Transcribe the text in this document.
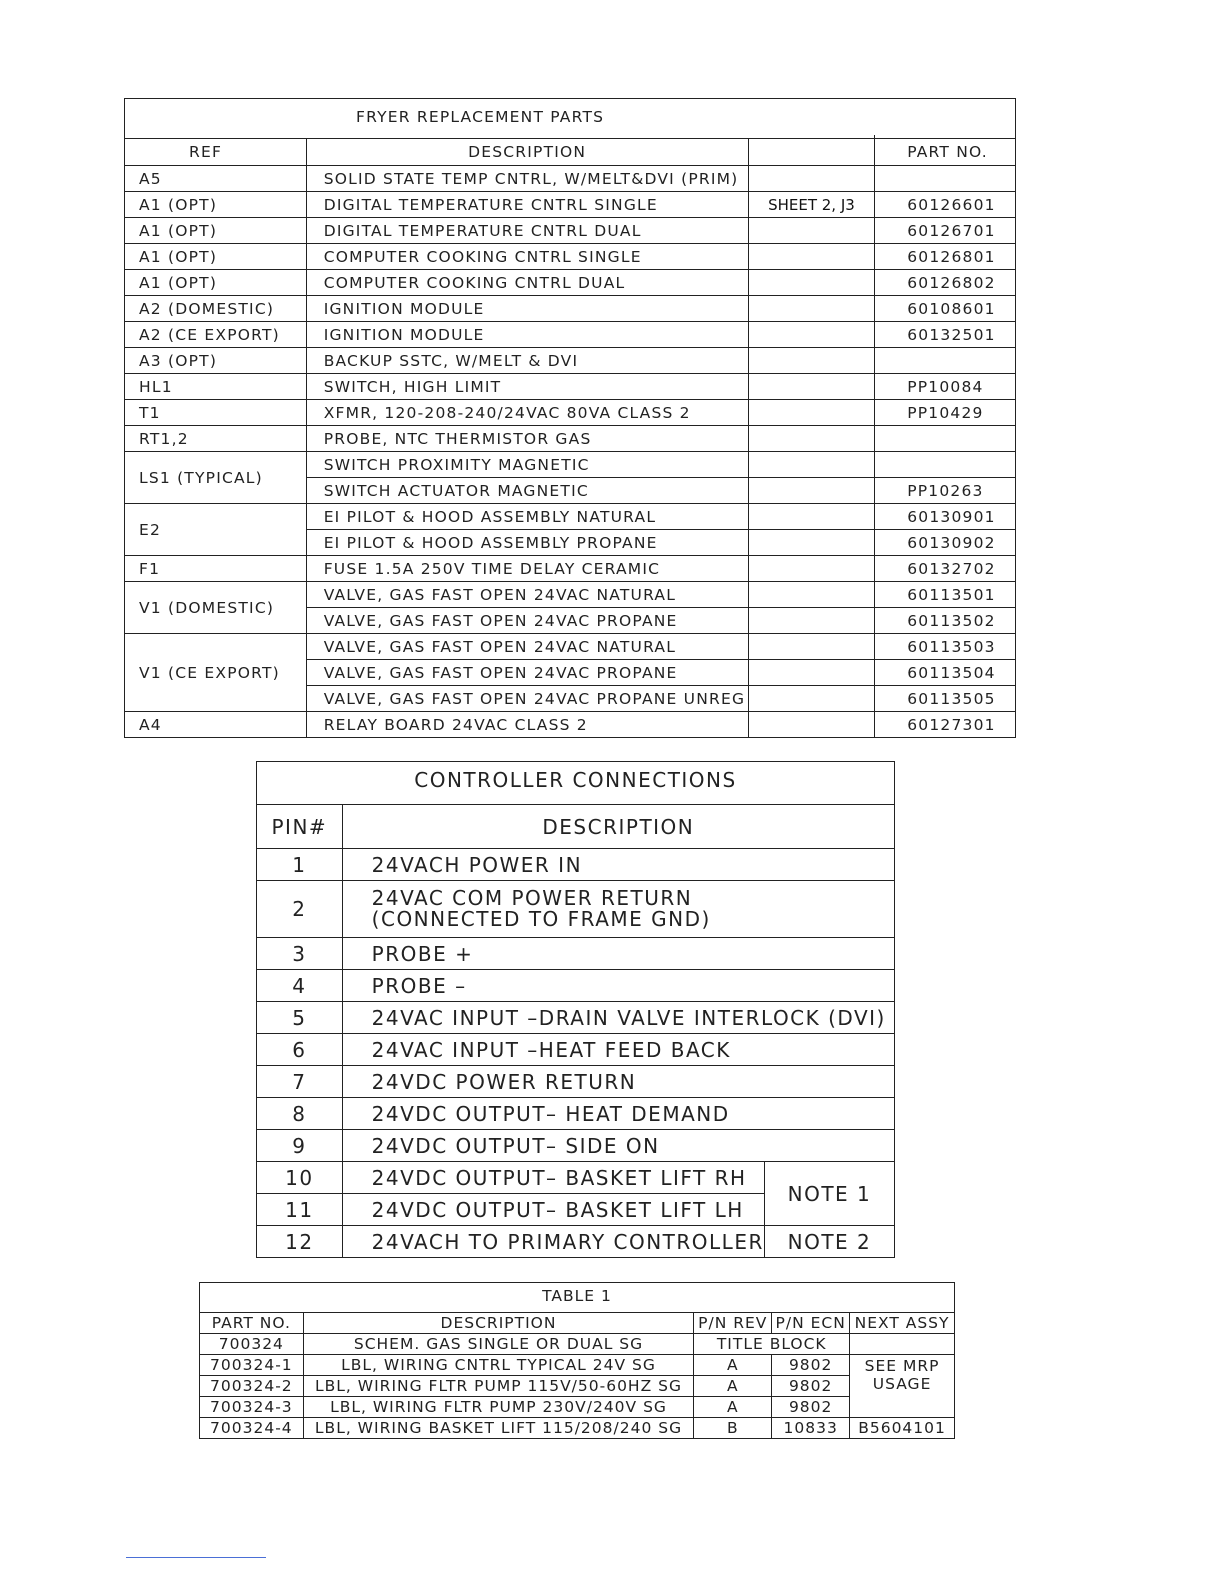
FRYER REPLACEMENT PARTS			

REF	DESCRIPTION		PART NO.
A5	SOLID STATE TEMP CNTRL, W/MELT&DVI (PRIM)		
A1 (OPT)	DIGITAL TEMPERATURE CNTRL SINGLE	SHEET 2, J3	60126601
A1 (OPT)	DIGITAL TEMPERATURE CNTRL DUAL		60126701
A1 (OPT)	COMPUTER COOKING CNTRL SINGLE		60126801
A1 (OPT)	COMPUTER COOKING CNTRL DUAL		60126802
A2 (DOMESTIC)	IGNITION MODULE		60108601
A2 (CE EXPORT)	IGNITION MODULE		60132501
A3 (OPT)	BACKUP SSTC, W/MELT & DVI		
HL1	SWITCH, HIGH LIMIT		PP10084
T1	XFMR, 120-208-240/24VAC 80VA CLASS 2		PP10429
RT1,2	PROBE, NTC THERMISTOR GAS		
LS1 (TYPICAL)	SWITCH PROXIMITY MAGNETIC		
	SWITCH ACTUATOR MAGNETIC		PP10263
E2	EI PILOT & HOOD ASSEMBLY NATURAL		60130901
	EI PILOT & HOOD ASSEMBLY PROPANE		60130902
F1	FUSE 1.5A 250V TIME DELAY CERAMIC		60132702
V1 (DOMESTIC)	VALVE, GAS FAST OPEN 24VAC NATURAL		60113501
	VALVE, GAS FAST OPEN 24VAC PROPANE		60113502
V1 (CE EXPORT)	VALVE, GAS FAST OPEN 24VAC NATURAL		60113503
	VALVE, GAS FAST OPEN 24VAC PROPANE		60113504
	VALVE, GAS FAST OPEN 24VAC PROPANE UNREG		60113505
A4	RELAY BOARD 24VAC CLASS 2		60127301
CONTROLLER CONNECTIONS		

PIN#	DESCRIPTION	
1	24VACH POWER IN	
2	24VAC COM POWER RETURN
(CONNECTED TO FRAME GND)	

3	PROBE +	
4	PROBE –	
5	24VAC INPUT –DRAIN VALVE INTERLOCK (DVI)	
6	24VAC INPUT –HEAT FEED BACK	
7	24VDC POWER RETURN	
8	24VDC OUTPUT– HEAT DEMAND	
9	24VDC OUTPUT– SIDE ON	
10	24VDC OUTPUT– BASKET LIFT RH	NOTE 1
11	24VDC OUTPUT– BASKET LIFT LH	
12	24VACH TO PRIMARY CONTROLLER	NOTE 2
TABLE 1				

PART NO.	DESCRIPTION	P/N REV	P/N ECN	NEXT ASSY
700324	SCHEM. GAS SINGLE OR DUAL SG	TITLE BLOCK		
700324-1	LBL, WIRING CNTRL TYPICAL 24V SG	A	9802	SEE MRP
USAGE

700324-2	LBL, WIRING FLTR PUMP 115V/50-60HZ SG	A	9802	
700324-3	LBL, WIRING FLTR PUMP 230V/240V SG	A	9802	
700324-4	LBL, WIRING BASKET LIFT 115/208/240 SG	B	10833	B5604101
